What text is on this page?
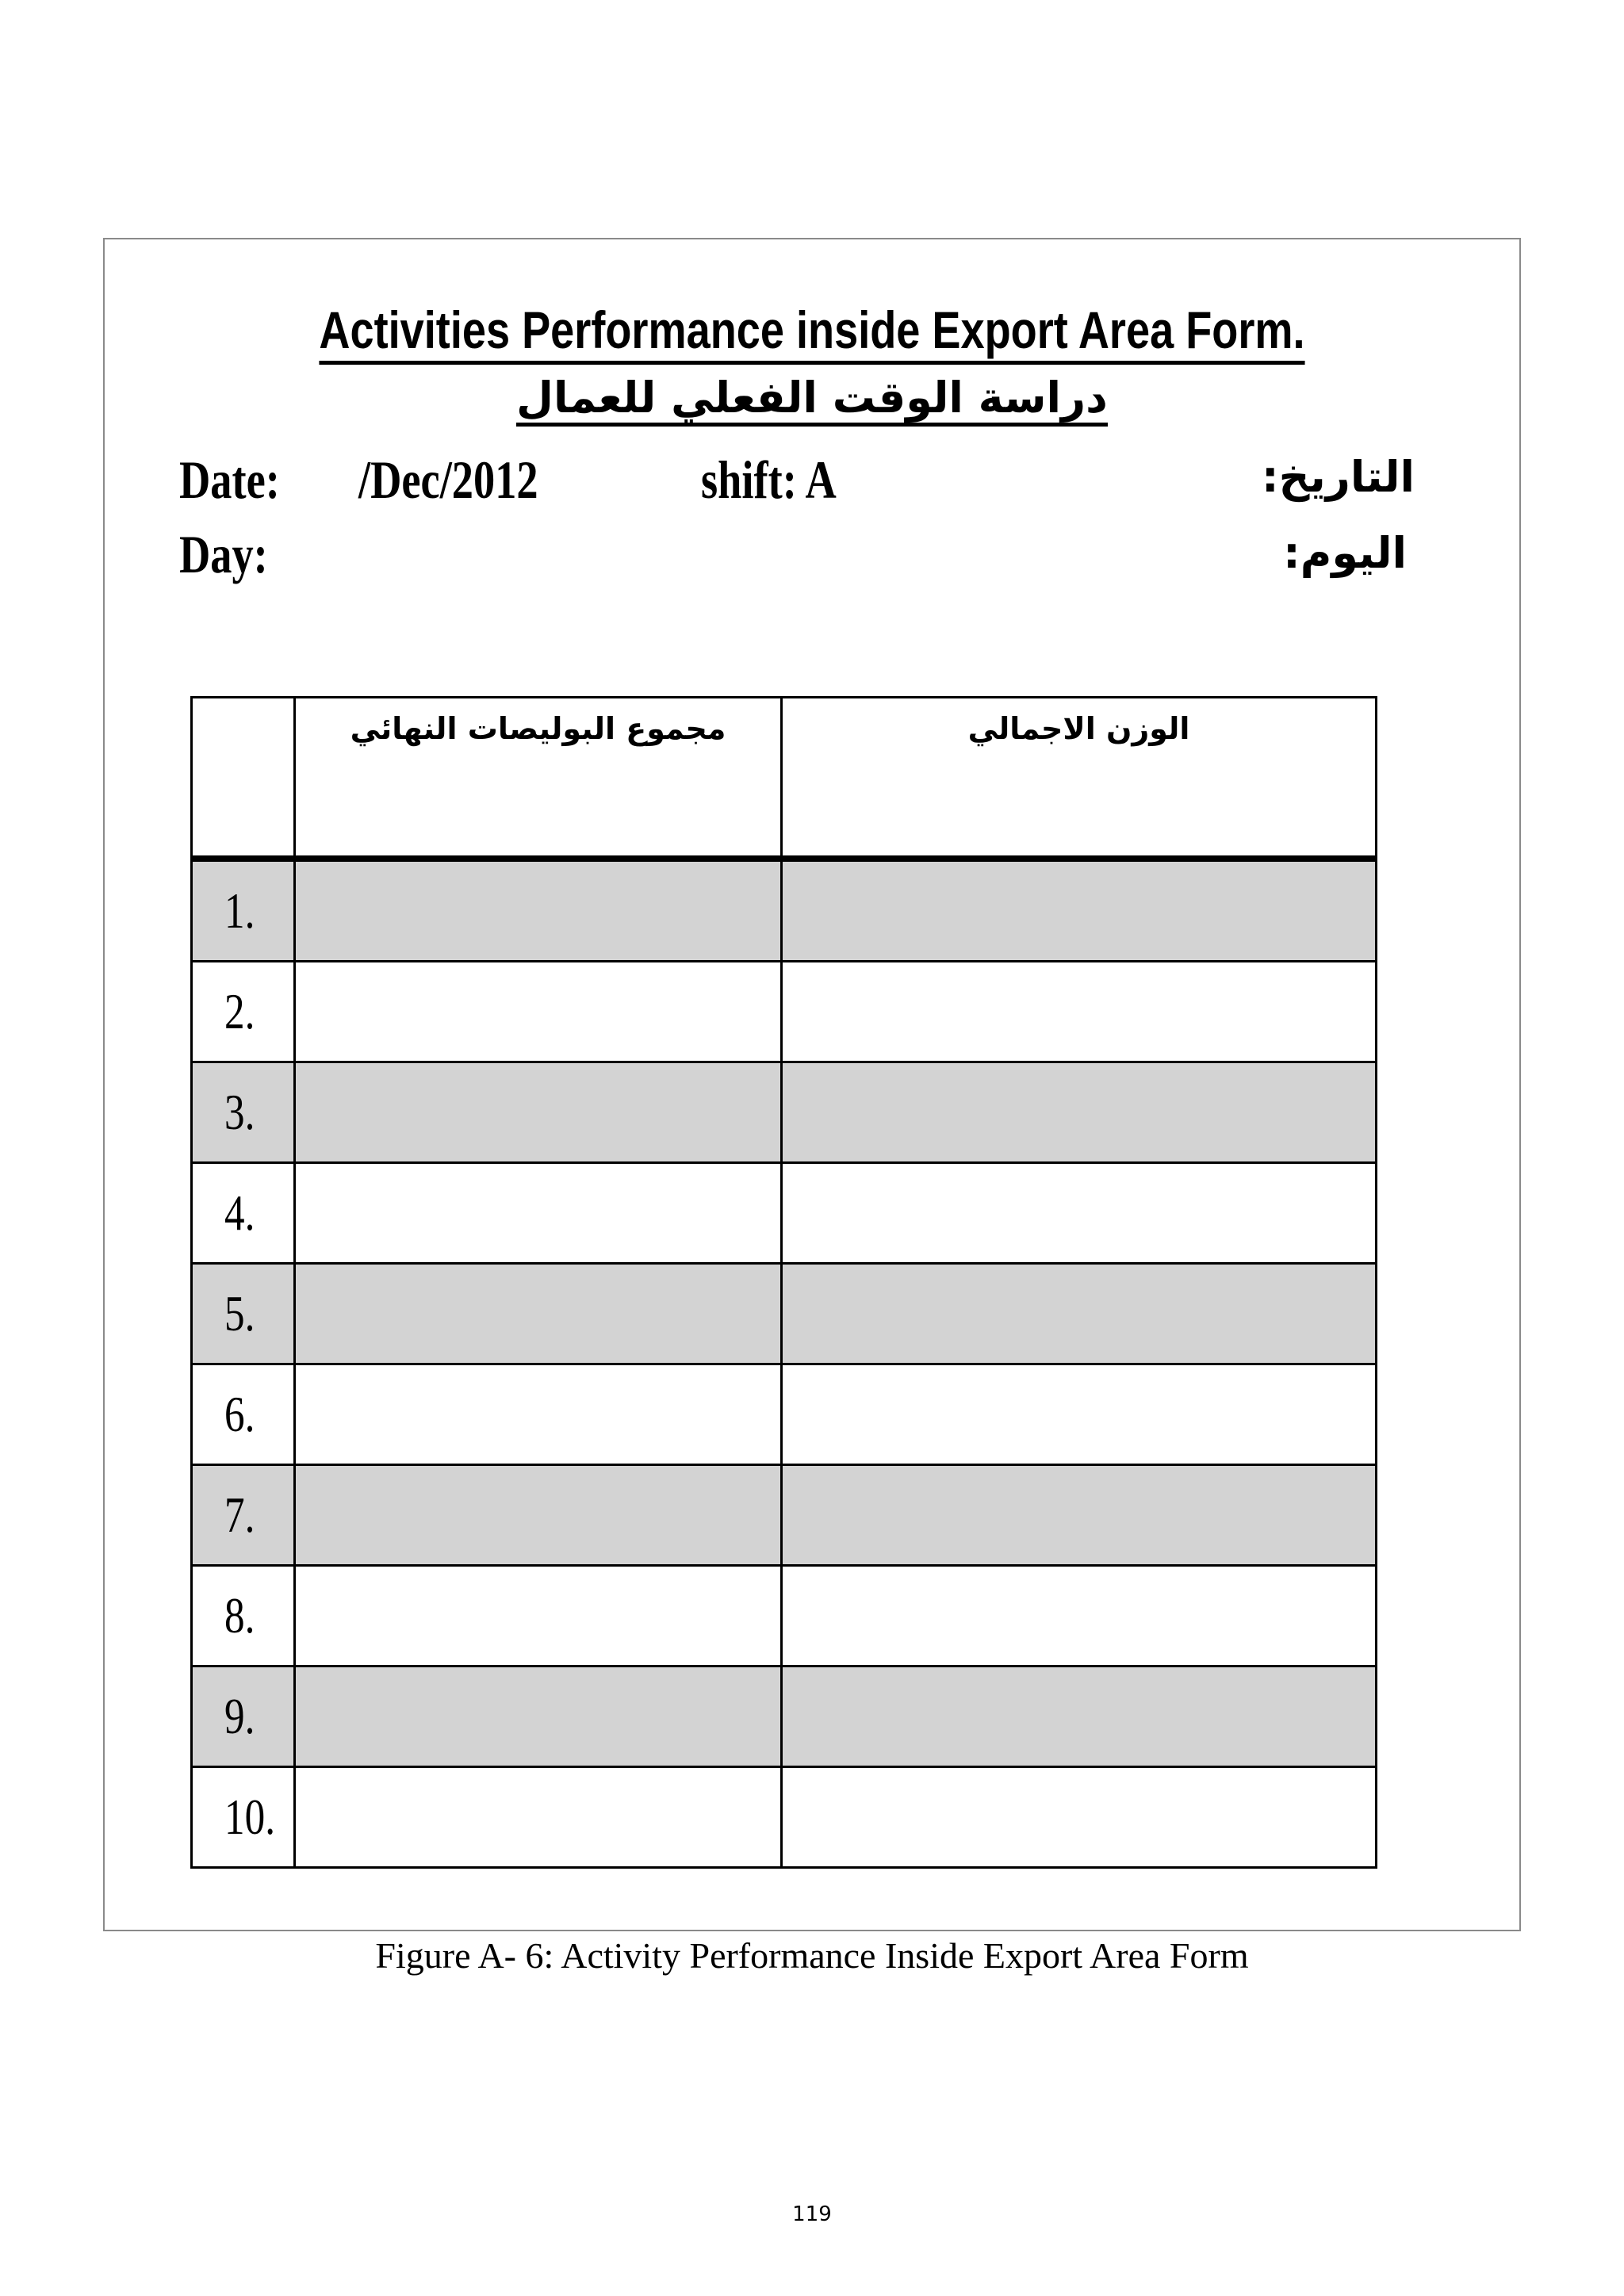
Activities Performance inside Export Area Form.
دراسة الوقت الفعلي للعمال
Date: /Dec/2012	shift: A
Day:
التاريخ:
اليوم:
	مجموع البوليصات النهائي	الوزن الاجمالي
1.		
2.		
3.		
4.		
5.		
6.		
7.		
8.		
9.		
10.		
Figure A- 6: Activity Performance Inside Export Area Form
119
